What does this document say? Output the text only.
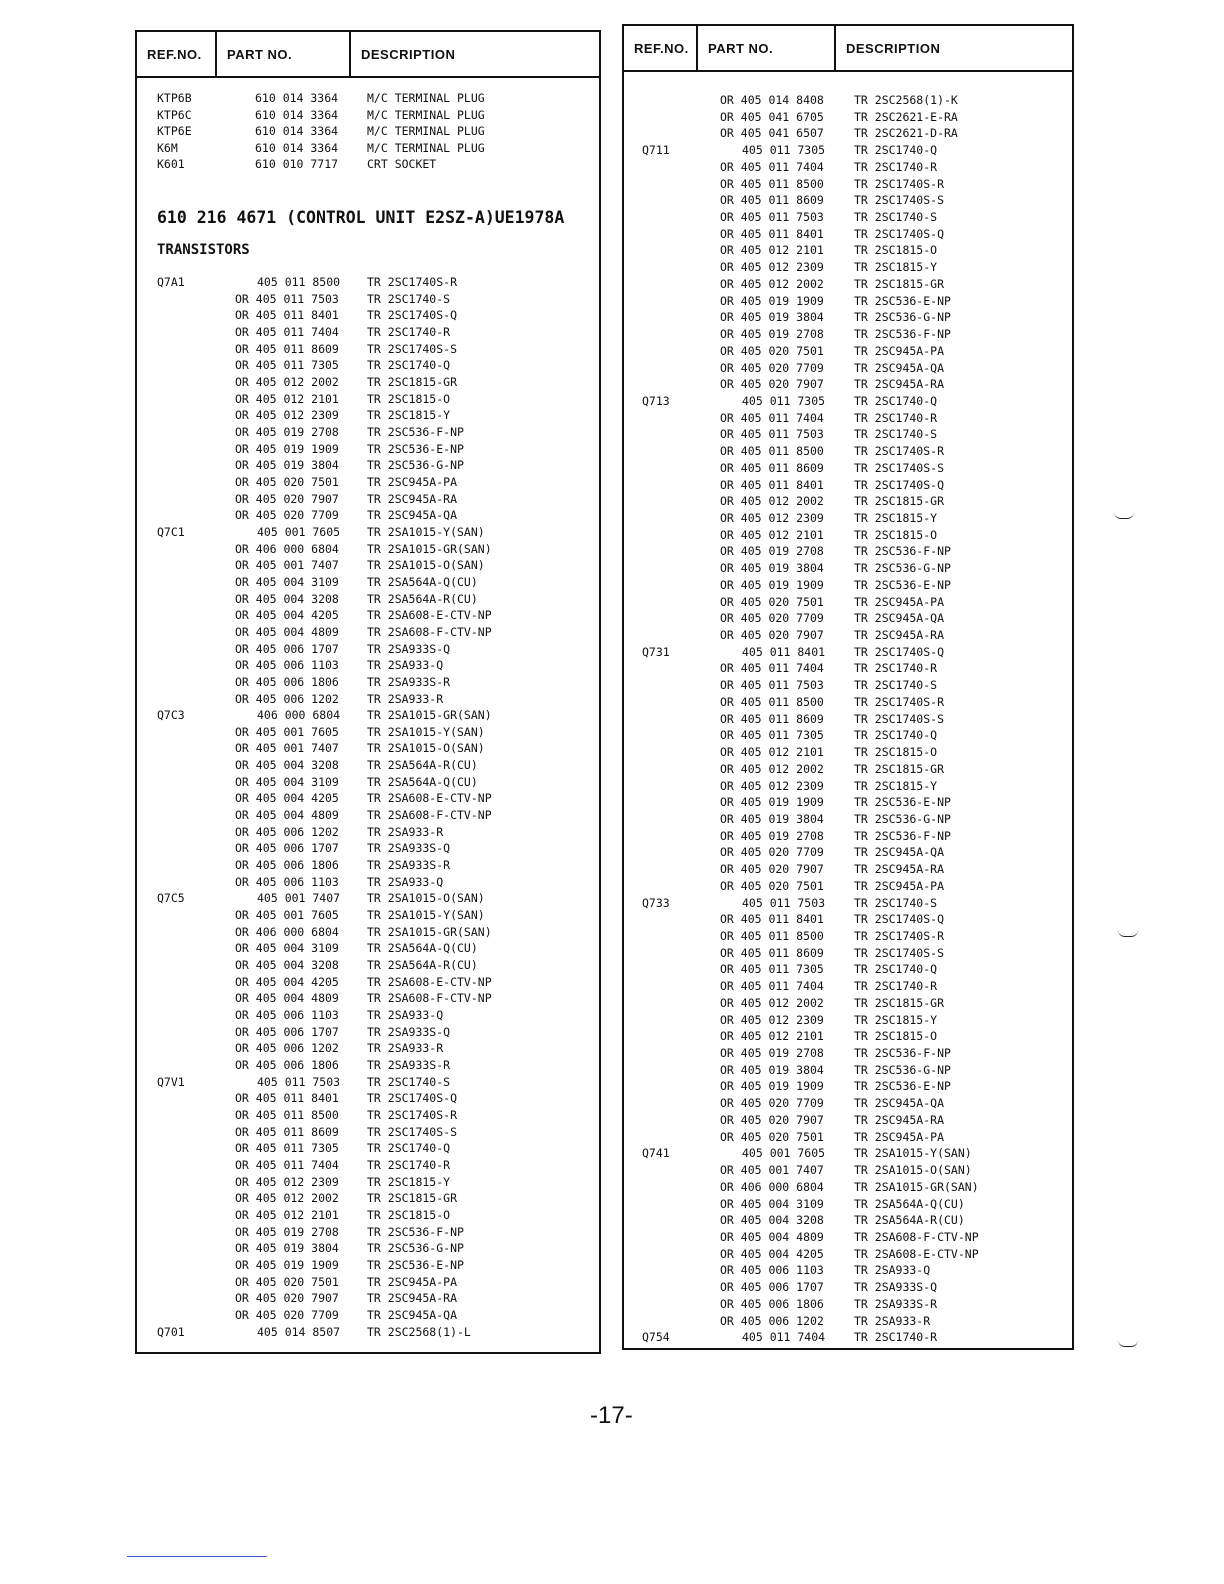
REF.NO.	PART NO.	DESCRIPTION
KTP6B	610 014 3364	M/C TERMINAL PLUG
KTP6C	610 014 3364	M/C TERMINAL PLUG
KTP6E	610 014 3364	M/C TERMINAL PLUG
K6M	610 014 3364	M/C TERMINAL PLUG
K601	610 010 7717	CRT SOCKET
610 216 4671 (CONTROL UNIT E2SZ-A)UE1978A
TRANSISTORS
Q7A1	405 011 8500 TR 2SC1740S-R
OR 405 011 7503 TR 2SC1740-S
OR 405 011 8401 TR 2SC1740S-Q
OR 405 011 7404 TR 2SC1740-R
OR 405 011 8609 TR 2SC1740S-S
OR 405 011 7305 TR 2SC1740-Q
OR 405 012 2002 TR 2SC1815-GR
OR 405 012 2101 TR 2SC1815-O
OR 405 012 2309 TR 2SC1815-Y
OR 405 019 2708 TR 2SC536-F-NP
OR 405 019 1909 TR 2SC536-E-NP
OR 405 019 3804 TR 2SC536-G-NP
OR 405 020 7501 TR 2SC945A-PA
OR 405 020 7907 TR 2SC945A-RA
OR 405 020 7709 TR 2SC945A-QA
Q7C1	405 001 7605 TR 2SA1015-Y(SAN)
OR 406 000 6804 TR 2SA1015-GR(SAN)
OR 405 001 7407 TR 2SA1015-O(SAN)
OR 405 004 3109 TR 2SA564A-Q(CU)
OR 405 004 3208 TR 2SA564A-R(CU)
OR 405 004 4205 TR 2SA608-E-CTV-NP
OR 405 004 4809 TR 2SA608-F-CTV-NP
OR 405 006 1707 TR 2SA933S-Q
OR 405 006 1103 TR 2SA933-Q
OR 405 006 1806 TR 2SA933S-R
OR 405 006 1202 TR 2SA933-R
Q7C3	406 000 6804 TR 2SA1015-GR(SAN)
OR 405 001 7605 TR 2SA1015-Y(SAN)
OR 405 001 7407 TR 2SA1015-O(SAN)
OR 405 004 3208 TR 2SA564A-R(CU)
OR 405 004 3109 TR 2SA564A-Q(CU)
OR 405 004 4205 TR 2SA608-E-CTV-NP
OR 405 004 4809 TR 2SA608-F-CTV-NP
OR 405 006 1202 TR 2SA933-R
OR 405 006 1707 TR 2SA933S-Q
OR 405 006 1806 TR 2SA933S-R
OR 405 006 1103 TR 2SA933-Q
Q7C5	405 001 7407 TR 2SA1015-O(SAN)
OR 405 001 7605 TR 2SA1015-Y(SAN)
OR 406 000 6804 TR 2SA1015-GR(SAN)
OR 405 004 3109 TR 2SA564A-Q(CU)
OR 405 004 3208 TR 2SA564A-R(CU)
OR 405 004 4205 TR 2SA608-E-CTV-NP
OR 405 004 4809 TR 2SA608-F-CTV-NP
OR 405 006 1103 TR 2SA933-Q
OR 405 006 1707 TR 2SA933S-Q
OR 405 006 1202 TR 2SA933-R
OR 405 006 1806 TR 2SA933S-R
Q7V1	405 011 7503 TR 2SC1740-S
OR 405 011 8401 TR 2SC1740S-Q
OR 405 011 8500 TR 2SC1740S-R
OR 405 011 8609 TR 2SC1740S-S
OR 405 011 7305 TR 2SC1740-Q
OR 405 011 7404 TR 2SC1740-R
OR 405 012 2309 TR 2SC1815-Y
OR 405 012 2002 TR 2SC1815-GR
OR 405 012 2101 TR 2SC1815-O
OR 405 019 2708 TR 2SC536-F-NP
OR 405 019 3804 TR 2SC536-G-NP
OR 405 019 1909 TR 2SC536-E-NP
OR 405 020 7501 TR 2SC945A-PA
OR 405 020 7907 TR 2SC945A-RA
OR 405 020 7709 TR 2SC945A-QA
Q701	405 014 8507 TR 2SC2568(1)-L
REF.NO.	PART NO.	DESCRIPTION
OR 405 014 8408	TR 2SC2568(1)-K
OR 405 041 6705	TR 2SC2621-E-RA
OR 405 041 6507	TR 2SC2621-D-RA
Q711	405 011 7305	TR 2SC1740-Q
OR 405 011 7404	TR 2SC1740-R
OR 405 011 8500	TR 2SC1740S-R
OR 405 011 8609	TR 2SC1740S-S
OR 405 011 7503	TR 2SC1740-S
OR 405 011 8401	TR 2SC1740S-Q
OR 405 012 2101	TR 2SC1815-O
OR 405 012 2309	TR 2SC1815-Y
OR 405 012 2002	TR 2SC1815-GR
OR 405 019 1909	TR 2SC536-E-NP
OR 405 019 3804	TR 2SC536-G-NP
OR 405 019 2708	TR 2SC536-F-NP
OR 405 020 7501	TR 2SC945A-PA
OR 405 020 7709	TR 2SC945A-QA
OR 405 020 7907	TR 2SC945A-RA
Q713	405 011 7305	TR 2SC1740-Q
OR 405 011 7404	TR 2SC1740-R
OR 405 011 7503	TR 2SC1740-S
OR 405 011 8500	TR 2SC1740S-R
OR 405 011 8609	TR 2SC1740S-S
OR 405 011 8401	TR 2SC1740S-Q
OR 405 012 2002	TR 2SC1815-GR
OR 405 012 2309	TR 2SC1815-Y
OR 405 012 2101	TR 2SC1815-O
OR 405 019 2708	TR 2SC536-F-NP
OR 405 019 3804	TR 2SC536-G-NP
OR 405 019 1909	TR 2SC536-E-NP
OR 405 020 7501	TR 2SC945A-PA
OR 405 020 7709	TR 2SC945A-QA
OR 405 020 7907	TR 2SC945A-RA
Q731	405 011 8401	TR 2SC1740S-Q
OR 405 011 7404	TR 2SC1740-R
OR 405 011 7503	TR 2SC1740-S
OR 405 011 8500	TR 2SC1740S-R
OR 405 011 8609	TR 2SC1740S-S
OR 405 011 7305	TR 2SC1740-Q
OR 405 012 2101	TR 2SC1815-O
OR 405 012 2002	TR 2SC1815-GR
OR 405 012 2309	TR 2SC1815-Y
OR 405 019 1909	TR 2SC536-E-NP
OR 405 019 3804	TR 2SC536-G-NP
OR 405 019 2708	TR 2SC536-F-NP
OR 405 020 7709	TR 2SC945A-QA
OR 405 020 7907	TR 2SC945A-RA
OR 405 020 7501	TR 2SC945A-PA
Q733	405 011 7503	TR 2SC1740-S
OR 405 011 8401	TR 2SC1740S-Q
OR 405 011 8500	TR 2SC1740S-R
OR 405 011 8609	TR 2SC1740S-S
OR 405 011 7305	TR 2SC1740-Q
OR 405 011 7404	TR 2SC1740-R
OR 405 012 2002	TR 2SC1815-GR
OR 405 012 2309	TR 2SC1815-Y
OR 405 012 2101	TR 2SC1815-O
OR 405 019 2708	TR 2SC536-F-NP
OR 405 019 3804	TR 2SC536-G-NP
OR 405 019 1909	TR 2SC536-E-NP
OR 405 020 7709	TR 2SC945A-QA
OR 405 020 7907	TR 2SC945A-RA
OR 405 020 7501	TR 2SC945A-PA
Q741	405 001 7605	TR 2SA1015-Y(SAN)
OR 405 001 7407	TR 2SA1015-O(SAN)
OR 406 000 6804	TR 2SA1015-GR(SAN)
OR 405 004 3109	TR 2SA564A-Q(CU)
OR 405 004 3208	TR 2SA564A-R(CU)
OR 405 004 4809	TR 2SA608-F-CTV-NP
OR 405 004 4205	TR 2SA608-E-CTV-NP
OR 405 006 1103	TR 2SA933-Q
OR 405 006 1707	TR 2SA933S-Q
OR 405 006 1806	TR 2SA933S-R
OR 405 006 1202	TR 2SA933-R
Q754	405 011 7404	TR 2SC1740-R
-17-
